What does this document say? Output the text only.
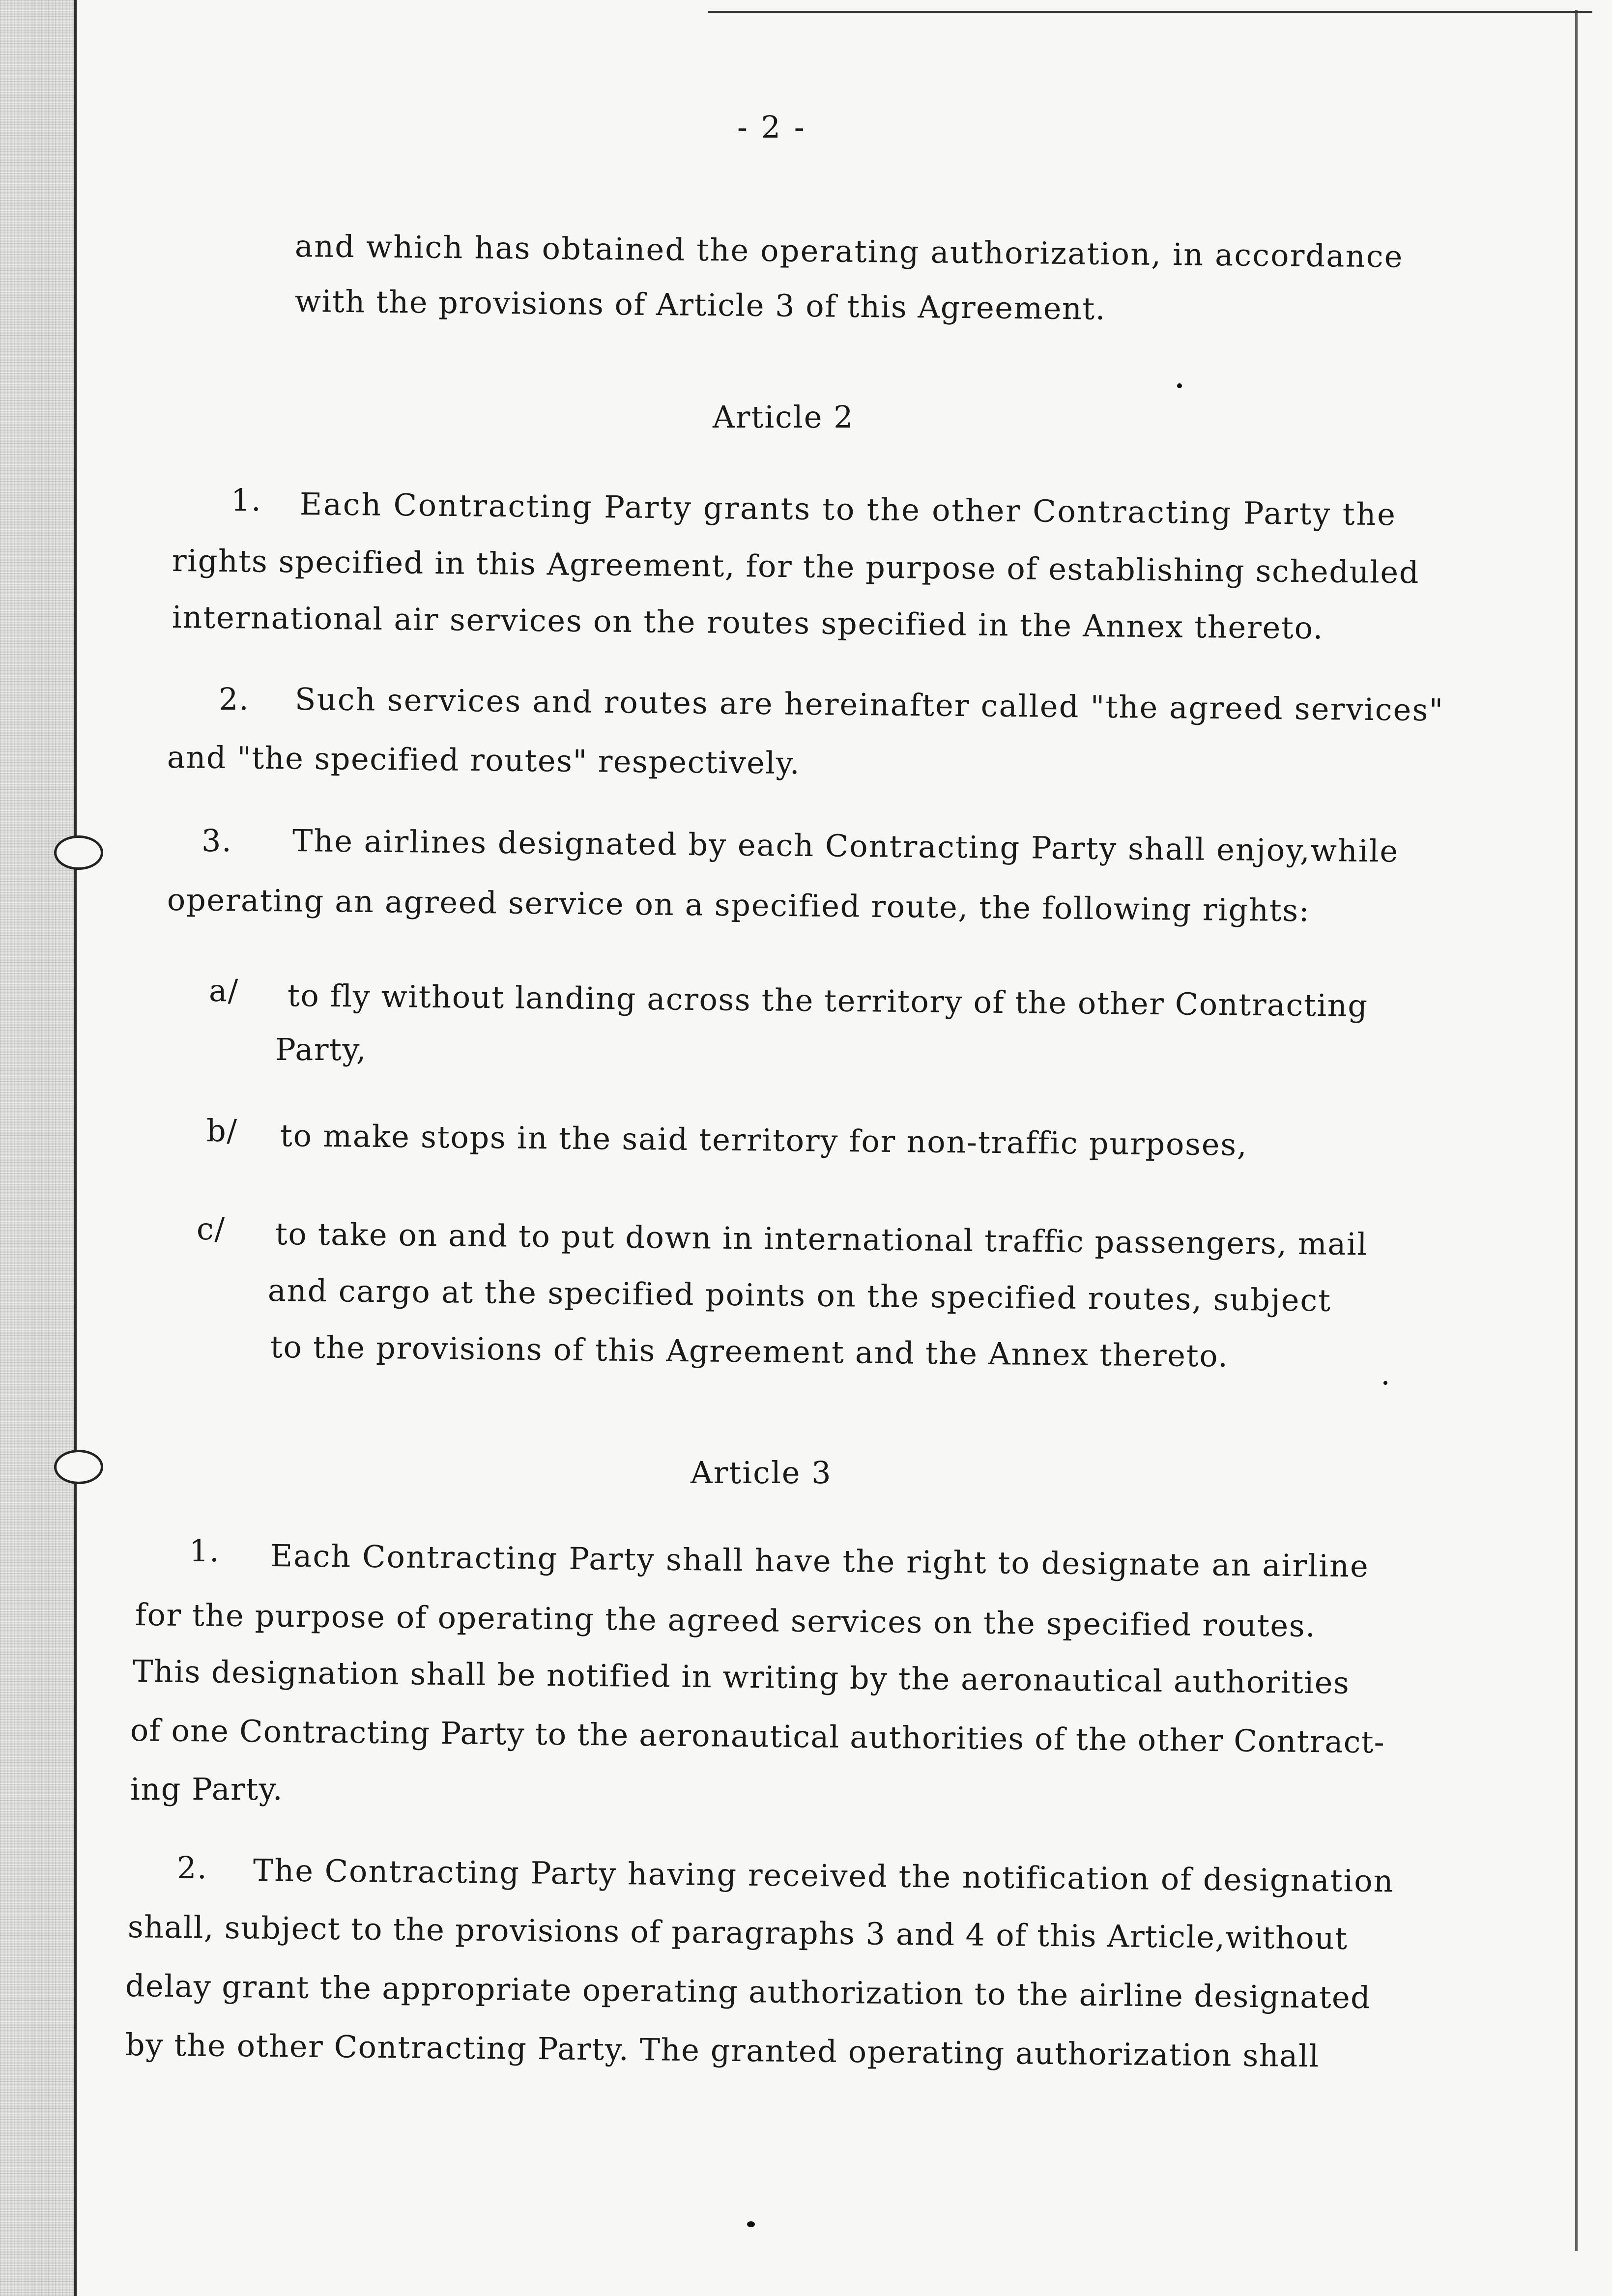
- 2 -
and which has obtained the operating authorization, in accordance
with the provisions of Article 3 of this Agreement.
Article 2
1. Each Contracting Party grants to the other Contracting Party the
rights specified in this Agreement, for the purpose of establishing scheduled
international air services on the routes specified in the Annex thereto.
2. Such services and routes are hereinafter called "the agreed services"
and "the specified routes" respectively.
3. The airlines designated by each Contracting Party shall enjoy,while
operating an agreed service on a specified route, the following rights:
a/ to fly without landing across the territory of the other Contracting
Party,
b/ to make stops in the said territory for non-traffic purposes,
c/ to take on and to put down in international traffic passengers, mail
and cargo at the specified points on the specified routes, subject
to the provisions of this Agreement and the Annex thereto.
Article 3
1. Each Contracting Party shall have the right to designate an airline
for the purpose of operating the agreed services on the specified routes.
This designation shall be notified in writing by the aeronautical authorities
of one Contracting Party to the aeronautical authorities of the other Contract-
ing Party.
2. The Contracting Party having received the notification of designation
shall, subject to the provisions of paragraphs 3 and 4 of this Article,without
delay grant the appropriate operating authorization to the airline designated
by the other Contracting Party. The granted operating authorization shall
